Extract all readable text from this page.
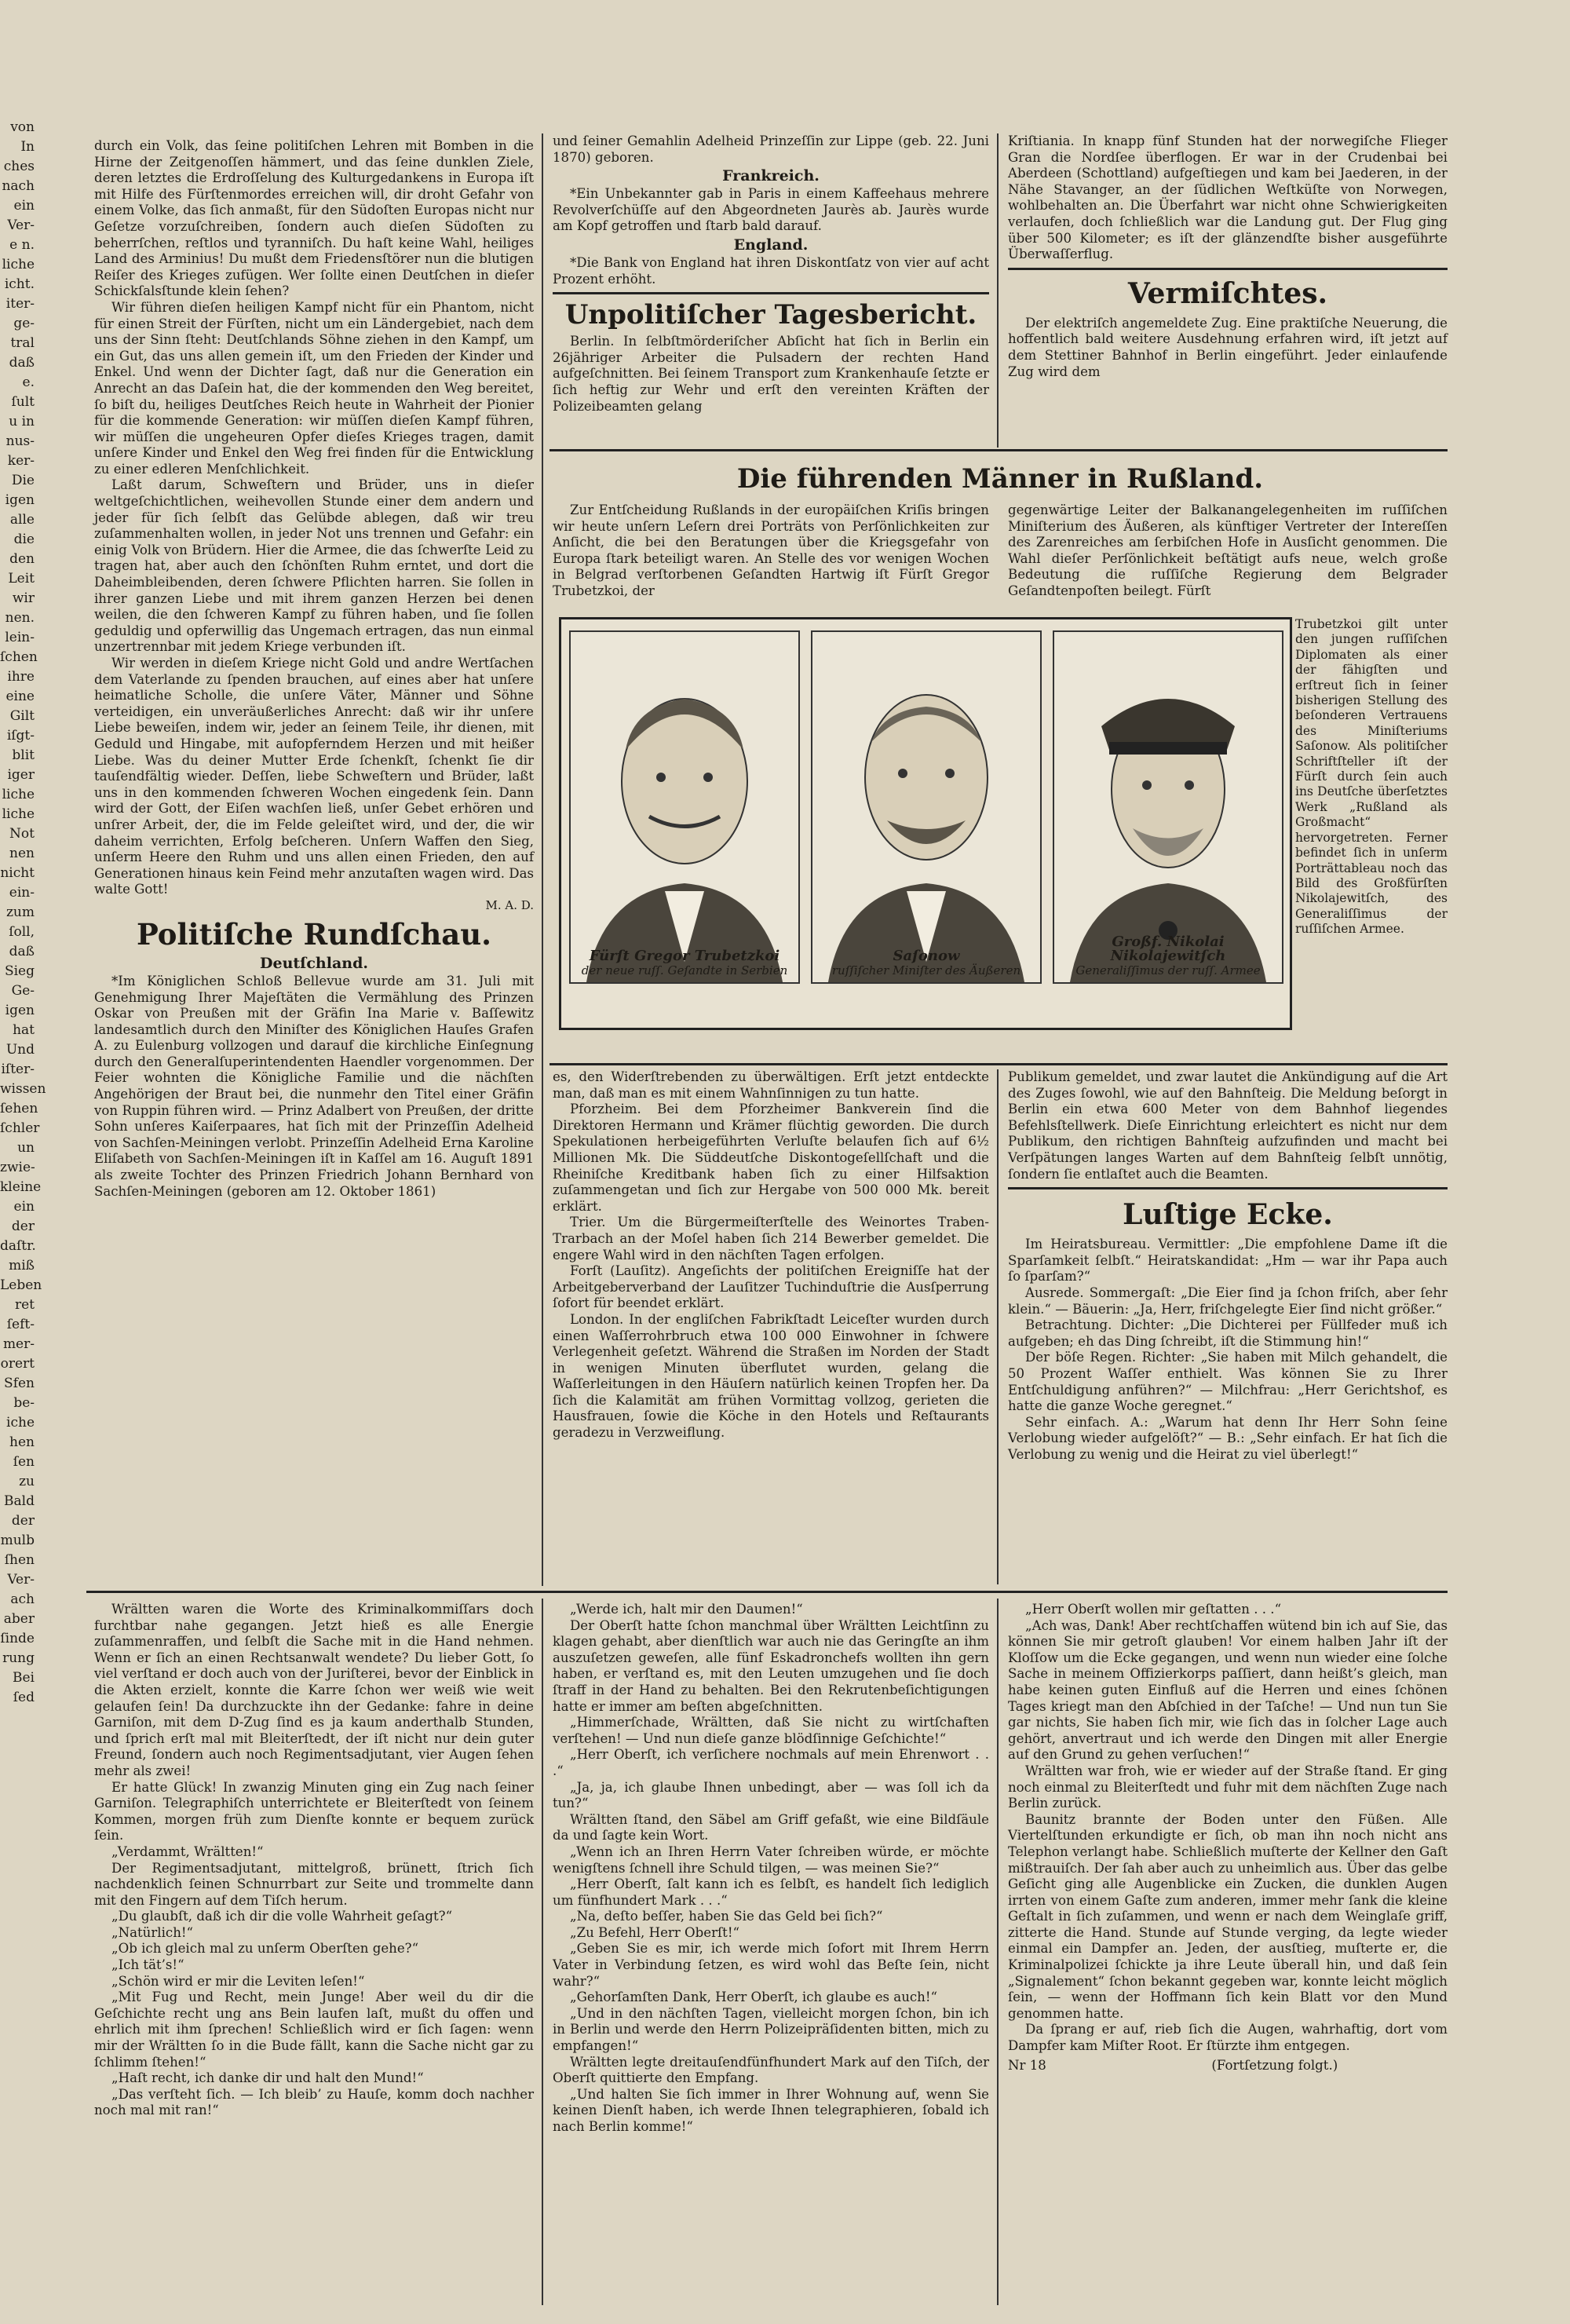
von
In
ches
nach
ein
Ver-
e n.
liche
icht.
iter-
ge-
tral
daß
e.
ſult
u in
nus-
ker-
Die
igen
alle
die
den
Leit
wir
nen.
lein-
ſchen
ihre
eine
Gilt
iſgt-
blit
iger
liche
liche
Not
nen
nicht
ein-
zum
ſoll,
daß
Sieg
Ge-
igen
hat
Und
iſter-
wissen
ſehen
ſchler
un
zwie-
kleine
ein
der
daſtr.
miß
Leben
ret
ſeft-
mer-
orert
Sfen
be-
iche
hen
ſen
zu
Bald
der
mulb
ſhen
Ver-
ach
aber
ſinde
rung
Bei
ſed

durch ein Volk, das ſeine politiſchen Lehren mit Bomben in die Hirne der Zeitgenoſſen hämmert, und das ſeine dunklen Ziele, deren letztes die Erdroſſelung des Kulturgedankens in Europa iſt mit Hilfe des Fürſtenmordes erreichen will, dir droht Gefahr von einem Volke, das ſich anmaßt, für den Südoſten Europas nicht nur Geſetze vorzuſchreiben, ſondern auch dieſen Südoſten zu beherrſchen, reſtlos und tyranniſch. Du haſt keine Wahl, heiliges Land des Arminius! Du mußt dem Friedensſtörer nun die blutigen Reiſer des Krieges zufügen. Wer ſollte einen Deutſchen in dieſer Schickſalsſtunde klein ſehen?

Wir führen dieſen heiligen Kampf nicht für ein Phantom, nicht für einen Streit der Fürſten, nicht um ein Ländergebiet, nach dem uns der Sinn ſteht: Deutſchlands Söhne ziehen in den Kampf, um ein Gut, das uns allen gemein iſt, um den Frieden der Kinder und Enkel. Und wenn der Dichter ſagt, daß nur die Generation ein Anrecht an das Daſein hat, die der kommenden den Weg bereitet, ſo biſt du, heiliges Deutſches Reich heute in Wahrheit der Pionier für die kommende Generation: wir müſſen dieſen Kampf führen, wir müſſen die ungeheuren Opfer dieſes Krieges tragen, damit unſere Kinder und Enkel den Weg frei finden für die Entwicklung zu einer edleren Menſchlichkeit.

Laßt darum, Schweſtern und Brüder, uns in dieſer weltgeſchichtlichen, weihevollen Stunde einer dem andern und jeder für ſich ſelbſt das Gelübde ablegen, daß wir treu zuſammenhalten wollen, in jeder Not uns trennen und Gefahr: ein einig Volk von Brüdern. Hier die Armee, die das ſchwerſte Leid zu tragen hat, aber auch den ſchönſten Ruhm erntet, und dort die Daheimbleibenden, deren ſchwere Pflichten harren. Sie ſollen in ihrer ganzen Liebe und mit ihrem ganzen Herzen bei denen weilen, die den ſchweren Kampf zu führen haben, und ſie ſollen geduldig und opferwillig das Ungemach ertragen, das nun einmal unzertrennbar mit jedem Kriege verbunden iſt.

Wir werden in dieſem Kriege nicht Gold und andre Wertſachen dem Vaterlande zu ſpenden brauchen, auf eines aber hat unſere heimatliche Scholle, die unſere Väter, Männer und Söhne verteidigen, ein unveräußerliches Anrecht: daß wir ihr unſere Liebe beweiſen, indem wir, jeder an ſeinem Teile, ihr dienen, mit Geduld und Hingabe, mit aufopferndem Herzen und mit heißer Liebe. Was du deiner Mutter Erde ſchenkſt, ſchenkt ſie dir tauſendfältig wieder. Deſſen, liebe Schweſtern und Brüder, laßt uns in den kommenden ſchweren Wochen eingedenk ſein. Dann wird der Gott, der Eiſen wachſen ließ, unſer Gebet erhören und unſrer Arbeit, der, die im Felde geleiſtet wird, und der, die wir daheim verrichten, Erfolg beſcheren. Unſern Waffen den Sieg, unſerm Heere den Ruhm und uns allen einen Frieden, den auf Generationen hinaus kein Feind mehr anzutaſten wagen wird. Das walte Gott!

M. A. D.

Politiſche Rundſchau.
Deutſchland.

*Im Königlichen Schloß Bellevue wurde am 31. Juli mit Genehmigung Ihrer Majeſtäten die Vermählung des Prinzen Oskar von Preußen mit der Gräfin Ina Marie v. Baſſewitz landesamtlich durch den Miniſter des Königlichen Hauſes Grafen A. zu Eulenburg vollzogen und darauf die kirchliche Einſegnung durch den Generalſuperintendenten Haendler vorgenommen. Der Feier wohnten die Königliche Familie und die nächſten Angehörigen der Braut bei, die nunmehr den Titel einer Gräfin von Ruppin führen wird. — Prinz Adalbert von Preußen, der dritte Sohn unſeres Kaiſerpaares, hat ſich mit der Prinzeſſin Adelheid von Sachſen-Meiningen verlobt. Prinzeſſin Adelheid Erna Karoline Eliſabeth von Sachſen-Meiningen iſt in Kaſſel am 16. Auguſt 1891 als zweite Tochter des Prinzen Friedrich Johann Bernhard von Sachſen-Meiningen (geboren am 12. Oktober 1861)

und ſeiner Gemahlin Adelheid Prinzeſſin zur Lippe (geb. 22. Juni 1870) geboren.

Frankreich.

*Ein Unbekannter gab in Paris in einem Kaffeehaus mehrere Revolverſchüſſe auf den Abgeordneten Jaurès ab. Jaurès wurde am Kopf getroffen und ſtarb bald darauf.

England.

*Die Bank von England hat ihren Diskontſatz von vier auf acht Prozent erhöht.

Unpolitiſcher Tagesbericht.

Berlin. In ſelbſtmörderiſcher Abſicht hat ſich in Berlin ein 26jähriger Arbeiter die Pulsadern der rechten Hand aufgeſchnitten. Bei ſeinem Transport zum Krankenhauſe ſetzte er ſich heftig zur Wehr und erſt den vereinten Kräften der Polizeibeamten gelang

Kriſtiania. In knapp fünf Stunden hat der norwegiſche Flieger Gran die Nordſee überflogen. Er war in der Crudenbai bei Aberdeen (Schottland) aufgeſtiegen und kam bei Jaederen, in der Nähe Stavanger, an der ſüdlichen Weſtküſte von Norwegen, wohlbehalten an. Die Überfahrt war nicht ohne Schwierigkeiten verlaufen, doch ſchließlich war die Landung gut. Der Flug ging über 500 Kilometer; es iſt der glänzendſte bisher ausgeführte Überwaſſerflug.

Vermiſchtes.

Der elektriſch angemeldete Zug. Eine praktiſche Neuerung, die hoffentlich bald weitere Ausdehnung erfahren wird, iſt jetzt auf dem Stettiner Bahnhof in Berlin eingeführt. Jeder einlaufende Zug wird dem

Die führenden Männer in Rußland.

Zur Entſcheidung Rußlands in der europäiſchen Kriſis bringen wir heute unſern Leſern drei Porträts von Perſönlichkeiten zur Anſicht, die bei den Beratungen über die Kriegsgefahr von Europa ſtark beteiligt waren. An Stelle des vor wenigen Wochen in Belgrad verſtorbenen Geſandten Hartwig iſt Fürſt Gregor Trubetzkoi, der

gegenwärtige Leiter der Balkanangelegenheiten im ruſſiſchen Miniſterium des Äußeren, als künftiger Vertreter der Intereſſen des Zarenreiches am ſerbiſchen Hofe in Ausſicht genommen. Die Wahl dieſer Perſönlichkeit beſtätigt aufs neue, welch große Bedeutung die ruſſiſche Regierung dem Belgrader Geſandtenpoſten beilegt. Fürſt

Fürſt Gregor Trubetzkoi
der neue ruſſ. Geſandte in Serbien
Saſonow
ruſſiſcher Miniſter des Äußeren
Großf. Nikolai Nikolajewitſch
Generaliſſimus der ruſſ. Armee

Trubetzkoi gilt unter den jungen ruſſiſchen Diplomaten als einer der fähigſten und erſtreut ſich in ſeiner bisherigen Stellung des beſonderen Vertrauens des Miniſteriums Saſonow. Als politiſcher Schriftſteller iſt der Fürſt durch ſein auch ins Deutſche überſetztes Werk „Rußland als Großmacht“ hervorgetreten. Ferner befindet ſich in unſerm Porträttableau noch das Bild des Großfürſten Nikolajewitſch, des Generaliſſimus der ruſſiſchen Armee.

es, den Widerſtrebenden zu überwältigen. Erſt jetzt entdeckte man, daß man es mit einem Wahnſinnigen zu tun hatte.

Pforzheim. Bei dem Pforzheimer Bankverein ſind die Direktoren Hermann und Krämer flüchtig geworden. Die durch Spekulationen herbeigeführten Verluſte belaufen ſich auf 6½ Millionen Mk. Die Süddeutſche Diskontogeſellſchaft und die Rheiniſche Kreditbank haben ſich zu einer Hilfsaktion zuſammengetan und ſich zur Hergabe von 500 000 Mk. bereit erklärt.

Trier. Um die Bürgermeiſterſtelle des Weinortes Traben-Trarbach an der Moſel haben ſich 214 Bewerber gemeldet. Die engere Wahl wird in den nächſten Tagen erfolgen.

Forſt (Lauſitz). Angeſichts der politiſchen Ereigniſſe hat der Arbeitgeberverband der Lauſitzer Tuchinduſtrie die Ausſperrung ſofort für beendet erklärt.

London. In der engliſchen Fabrikſtadt Leiceſter wurden durch einen Waſſerrohrbruch etwa 100 000 Einwohner in ſchwere Verlegenheit geſetzt. Während die Straßen im Norden der Stadt in wenigen Minuten überflutet wurden, gelang die Waſſerleitungen in den Häuſern natürlich keinen Tropfen her. Da ſich die Kalamität am frühen Vormittag vollzog, gerieten die Hausfrauen, ſowie die Köche in den Hotels und Reſtaurants geradezu in Verzweiflung.

Publikum gemeldet, und zwar lautet die Ankündigung auf die Art des Zuges ſowohl, wie auf den Bahnſteig. Die Meldung beſorgt in Berlin ein etwa 600 Meter von dem Bahnhof liegendes Befehlsſtellwerk. Dieſe Einrichtung erleichtert es nicht nur dem Publikum, den richtigen Bahnſteig aufzufinden und macht bei Verſpätungen langes Warten auf dem Bahnſteig ſelbſt unnötig, ſondern ſie entlaſtet auch die Beamten.

Luſtige Ecke.

Im Heiratsbureau. Vermittler: „Die empfohlene Dame iſt die Sparſamkeit ſelbſt.“ Heiratskandidat: „Hm — war ihr Papa auch ſo ſparſam?“

Ausrede. Sommergaſt: „Die Eier ſind ja ſchon friſch, aber ſehr klein.“ — Bäuerin: „Ja, Herr, friſchgelegte Eier ſind nicht größer.“

Betrachtung. Dichter: „Die Dichterei per Füllfeder muß ich aufgeben; eh das Ding ſchreibt, iſt die Stimmung hin!“

Der böſe Regen. Richter: „Sie haben mit Milch gehandelt, die 50 Prozent Waſſer enthielt. Was können Sie zu Ihrer Entſchuldigung anführen?“ — Milchfrau: „Herr Gerichtshof, es hatte die ganze Woche geregnet.“

Sehr einfach. A.: „Warum hat denn Ihr Herr Sohn ſeine Verlobung wieder aufgelöſt?“ — B.: „Sehr einfach. Er hat ſich die Verlobung zu wenig und die Heirat zu viel überlegt!“

Wrältten waren die Worte des Kriminalkommiſſars doch furchtbar nahe gegangen. Jetzt hieß es alle Energie zuſammenraffen, und ſelbſt die Sache mit in die Hand nehmen. Wenn er ſich an einen Rechtsanwalt wendete? Du lieber Gott, ſo viel verſtand er doch auch von der Juriſterei, bevor der Einblick in die Akten erzielt, konnte die Karre ſchon wer weiß wie weit gelaufen ſein! Da durchzuckte ihn der Gedanke: fahre in deine Garniſon, mit dem D-Zug ſind es ja kaum anderthalb Stunden, und ſprich erſt mal mit Bleiterſtedt, der iſt nicht nur dein guter Freund, ſondern auch noch Regimentsadjutant, vier Augen ſehen mehr als zwei!

Er hatte Glück! In zwanzig Minuten ging ein Zug nach ſeiner Garniſon. Telegraphiſch unterrichtete er Bleiterſtedt von ſeinem Kommen, morgen früh zum Dienſte konnte er bequem zurück ſein.

„Verdammt, Wrältten!“

Der Regimentsadjutant, mittelgroß, brünett, ſtrich ſich nachdenklich ſeinen Schnurrbart zur Seite und trommelte dann mit den Fingern auf dem Tiſch herum.

„Du glaubſt, daß ich dir die volle Wahrheit geſagt?“

„Natürlich!“

„Ob ich gleich mal zu unſerm Oberſten gehe?“

„Ich tät’s!“

„Schön wird er mir die Leviten leſen!“

„Mit Fug und Recht, mein Junge! Aber weil du dir die Geſchichte recht ung ans Bein laufen laſt, mußt du offen und ehrlich mit ihm ſprechen! Schließlich wird er ſich ſagen: wenn mir der Wrältten ſo in die Bude fällt, kann die Sache nicht gar zu ſchlimm ſtehen!“

„Haſt recht, ich danke dir und halt den Mund!“

„Das verſteht ſich. — Ich bleib’ zu Hauſe, komm doch nachher noch mal mit ran!“

„Werde ich, halt mir den Daumen!“

Der Oberſt hatte ſchon manchmal über Wrältten Leichtſinn zu klagen gehabt, aber dienſtlich war auch nie das Geringſte an ihm auszuſetzen geweſen, alle fünf Eskadronchefs wollten ihn gern haben, er verſtand es, mit den Leuten umzugehen und ſie doch ſtraff in der Hand zu behalten. Bei den Rekrutenbeſichtigungen hatte er immer am beſten abgeſchnitten.

„Himmerſchade, Wrältten, daß Sie nicht zu wirtſchaften verſtehen! — Und nun dieſe ganze blödſinnige Geſchichte!“

„Herr Oberſt, ich verſichere nochmals auf mein Ehrenwort . . .“

„Ja, ja, ich glaube Ihnen unbedingt, aber — was ſoll ich da tun?“

Wrältten ſtand, den Säbel am Griff gefaßt, wie eine Bildſäule da und ſagte kein Wort.

„Wenn ich an Ihren Herrn Vater ſchreiben würde, er möchte wenigſtens ſchnell ihre Schuld tilgen, — was meinen Sie?“

„Herr Oberſt, ſalt kann ich es ſelbſt, es handelt ſich lediglich um fünfhundert Mark . . .“

„Na, deſto beſſer, haben Sie das Geld bei ſich?“

„Zu Befehl, Herr Oberſt!“

„Geben Sie es mir, ich werde mich ſofort mit Ihrem Herrn Vater in Verbindung ſetzen, es wird wohl das Beſte ſein, nicht wahr?“

„Gehorſamſten Dank, Herr Oberſt, ich glaube es auch!“

„Und in den nächſten Tagen, vielleicht morgen ſchon, bin ich in Berlin und werde den Herrn Polizeipräſidenten bitten, mich zu empfangen!“

Wrältten legte dreitauſendfünfhundert Mark auf den Tiſch, der Oberſt quittierte den Empfang.

„Und halten Sie ſich immer in Ihrer Wohnung auf, wenn Sie keinen Dienſt haben, ich werde Ihnen telegraphieren, ſobald ich nach Berlin komme!“

„Herr Oberſt wollen mir geſtatten . . .“

„Ach was, Dank! Aber rechtſchaffen wütend bin ich auf Sie, das können Sie mir getroſt glauben! Vor einem halben Jahr iſt der Kloſſow um die Ecke gegangen, und wenn nun wieder eine ſolche Sache in meinem Offizierkorps paſſiert, dann heißt’s gleich, man habe keinen guten Einfluß auf die Herren und eines ſchönen Tages kriegt man den Abſchied in der Taſche! — Und nun tun Sie gar nichts, Sie haben ſich mir, wie ſich das in ſolcher Lage auch gehört, anvertraut und ich werde den Dingen mit aller Energie auf den Grund zu gehen verſuchen!“

Wrältten war froh, wie er wieder auf der Straße ſtand. Er ging noch einmal zu Bleiterſtedt und fuhr mit dem nächſten Zuge nach Berlin zurück.

Baunitz brannte der Boden unter den Füßen. Alle Viertelſtunden erkundigte er ſich, ob man ihn noch nicht ans Telephon verlangt habe. Schließlich muſterte der Kellner den Gaſt mißtrauiſch. Der ſah aber auch zu unheimlich aus. Über das gelbe Geſicht ging alle Augenblicke ein Zucken, die dunklen Augen irrten von einem Gaſte zum anderen, immer mehr ſank die kleine Geſtalt in ſich zuſammen, und wenn er nach dem Weinglaſe griff, zitterte die Hand. Stunde auf Stunde verging, da legte wieder einmal ein Dampfer an. Jeden, der ausſtieg, muſterte er, die Kriminalpolizei ſchickte ja ihre Leute überall hin, und daß ſein „Signalement“ ſchon bekannt gegeben war, konnte leicht möglich ſein, — wenn der Hoffmann ſich kein Blatt vor den Mund genommen hatte.

Da ſprang er auf, rieb ſich die Augen, wahrhaftig, dort vom Dampfer kam Miſter Root. Er ſtürzte ihm entgegen.

Nr 18	(Fortſetzung folgt.)
